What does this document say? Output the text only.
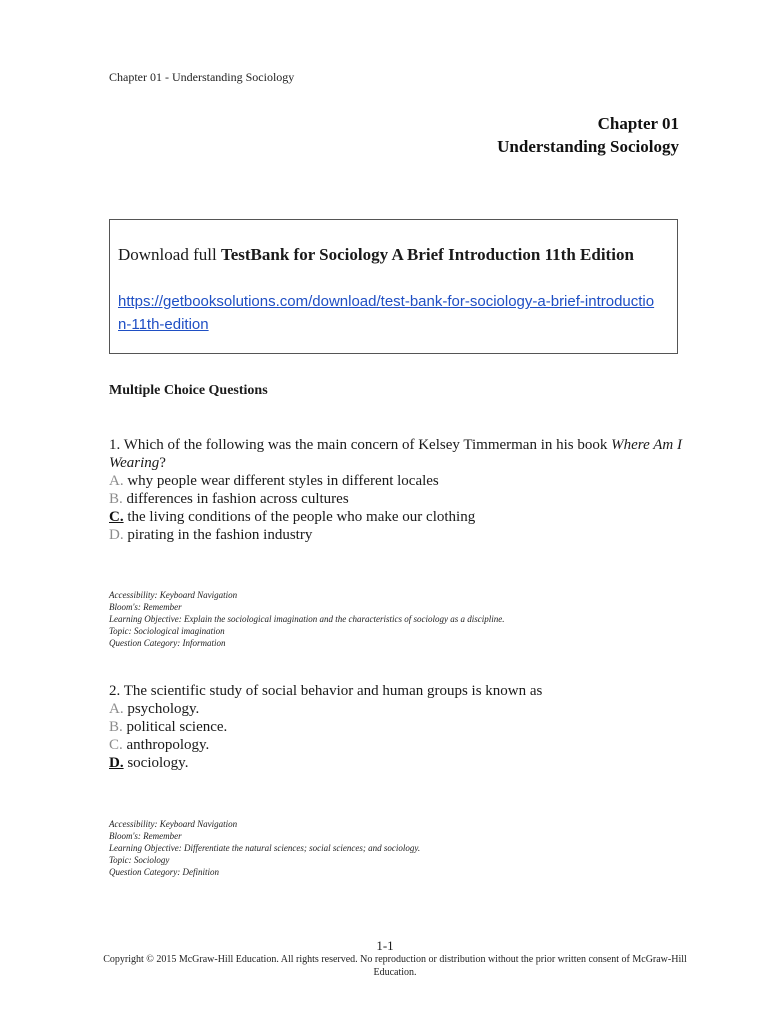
Chapter 01 - Understanding Sociology
Chapter 01
Understanding Sociology
Download full TestBank for Sociology A Brief Introduction 11th Edition
https://getbooksolutions.com/download/test-bank-for-sociology-a-brief-introduction-11th-edition
Multiple Choice Questions

1. Which of the following was the main concern of Kelsey Timmerman in his book Where Am I Wearing?

A. why people wear different styles in different locales

B. differences in fashion across cultures

C. the living conditions of the people who make our clothing

D. pirating in the fashion industry

Accessibility: Keyboard Navigation
Bloom's: Remember
Learning Objective: Explain the sociological imagination and the characteristics of sociology as a discipline.
Topic: Sociological imagination
Question Category: Information

2. The scientific study of social behavior and human groups is known as

A. psychology.

B. political science.

C. anthropology.

D. sociology.

Accessibility: Keyboard Navigation
Bloom's: Remember
Learning Objective: Differentiate the natural sciences; social sciences; and sociology.
Topic: Sociology
Question Category: Definition
1-1
Copyright © 2015 McGraw-Hill Education. All rights reserved. No reproduction or distribution without the prior written consent of McGraw-Hill Education.
